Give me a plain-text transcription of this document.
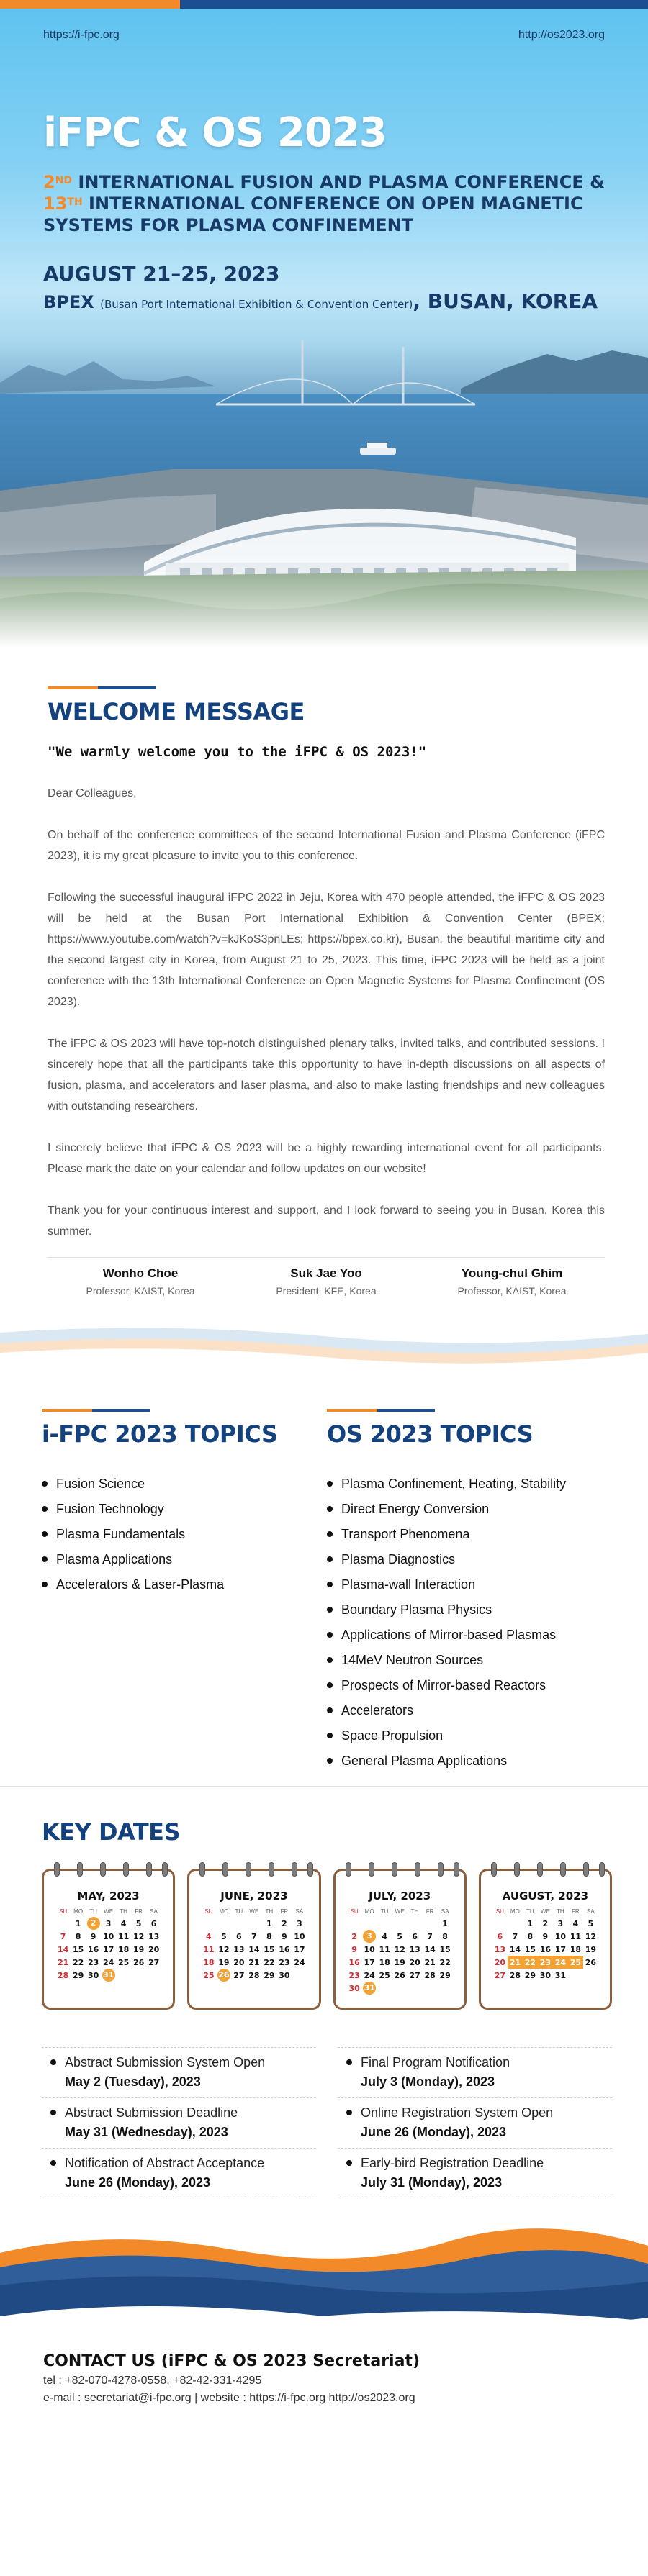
https://i-fpc.org	http://os2023.org
iFPC & OS 2023
2ND INTERNATIONAL FUSION AND PLASMA CONFERENCE &
13TH INTERNATIONAL CONFERENCE ON OPEN MAGNETIC SYSTEMS FOR PLASMA CONFINEMENT
AUGUST 21–25, 2023
BPEX (Busan Port International Exhibition & Convention Center), BUSAN, KOREA
WELCOME MESSAGE
"We warmly welcome you to the iFPC & OS 2023!"

Dear Colleagues,

On behalf of the conference committees of the second International Fusion and Plasma Conference (iFPC 2023), it is my great pleasure to invite you to this conference.

Following the successful inaugural iFPC 2022 in Jeju, Korea with 470 people attended, the iFPC & OS 2023 will be held at the Busan Port International Exhibition & Convention Center (BPEX; https://www.youtube.com/watch?v=kJKoS3pnLEs; https://bpex.co.kr), Busan, the beautiful maritime city and the second largest city in Korea, from August 21 to 25, 2023. This time, iFPC 2023 will be held as a joint conference with the 13th International Conference on Open Magnetic Systems for Plasma Confinement (OS 2023).

The iFPC & OS 2023 will have top-notch distinguished plenary talks, invited talks, and contributed sessions. I sincerely hope that all the participants take this opportunity to have in-depth discussions on all aspects of fusion, plasma, and accelerators and laser plasma, and also to make lasting friendships and new colleagues with outstanding researchers.

I sincerely believe that iFPC & OS 2023 will be a highly rewarding international event for all participants. Please mark the date on your calendar and follow updates on our website!

Thank you for your continuous interest and support, and I look forward to seeing you in Busan, Korea this summer.

Wonho Choe
Professor, KAIST, Korea
Suk Jae Yoo
President, KFE, Korea
Young-chul Ghim
Professor, KAIST, Korea
i-FPC 2023 TOPICS
Fusion Science
Fusion Technology
Plasma Fundamentals
Plasma Applications
Accelerators & Laser-Plasma
OS 2023 TOPICS
Plasma Confinement, Heating, Stability
Direct Energy Conversion
Transport Phenomena
Plasma Diagnostics
Plasma-wall Interaction
Boundary Plasma Physics
Applications of Mirror-based Plasmas
14MeV Neutron Sources
Prospects of Mirror-based Reactors
Accelerators
Space Propulsion
General Plasma Applications
KEY DATES
MAY, 2023
SU	MO	TU	WE	TH	FR	SA
	1	2	3	4	5	6
7	8	9	10	11	12	13
14	15	16	17	18	19	20
21	22	23	24	25	26	27
28	29	30	31			
JUNE, 2023
SU	MO	TU	WE	TH	FR	SA
				1	2	3
4	5	6	7	8	9	10
11	12	13	14	15	16	17
18	19	20	21	22	23	24
25	26	27	28	29	30	
JULY, 2023
SU	MO	TU	WE	TH	FR	SA
						1
2	3	4	5	6	7	8
9	10	11	12	13	14	15
16	17	18	19	20	21	22
23	24	25	26	27	28	29
30	31					
AUGUST, 2023
SU	MO	TU	WE	TH	FR	SA
		1	2	3	4	5
6	7	8	9	10	11	12
13	14	15	16	17	18	19
20	21	22	23	24	25	26
27	28	29	30	31		
Abstract Submission System Open
May 2 (Tuesday), 2023
Abstract Submission Deadline
May 31 (Wednesday), 2023
Notification of Abstract Acceptance
June 26 (Monday), 2023
Final Program Notification
July 3 (Monday), 2023
Online Registration System Open
June 26 (Monday), 2023
Early-bird Registration Deadline
July 31 (Monday), 2023
CONTACT US (iFPC & OS 2023 Secretariat)
tel : +82-070-4278-0558, +82-42-331-4295
e-mail : secretariat@i-fpc.org | website : https://i-fpc.org http://os2023.org
